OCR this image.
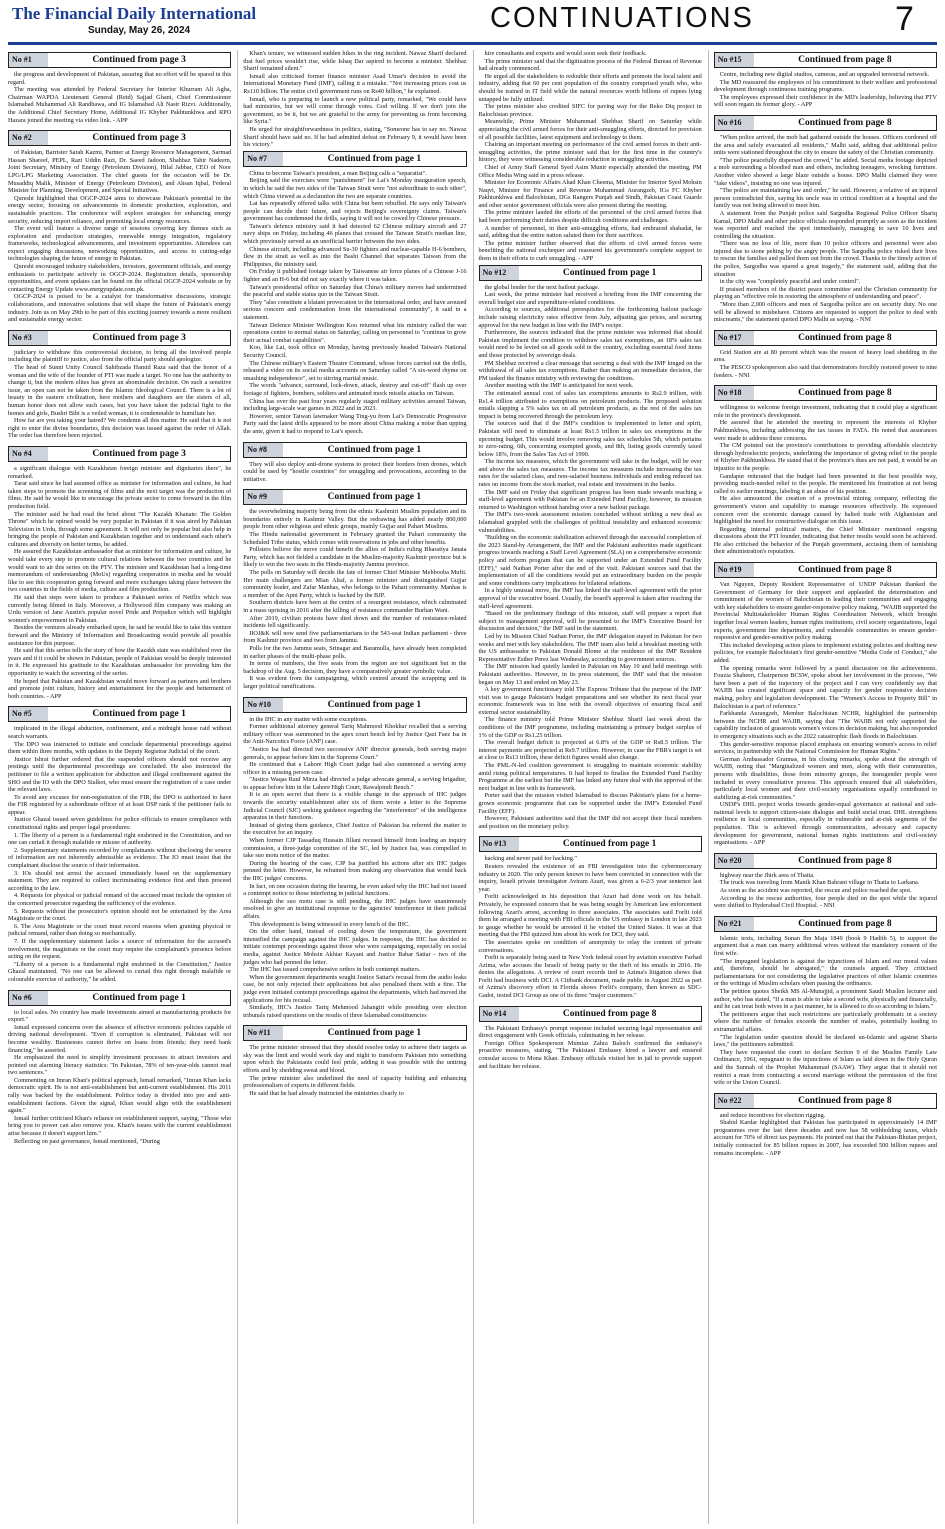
The Financial Daily International
Sunday, May 26, 2024	CONTINUATIONS	7
No #1	Continued from page 3

the progress and development of Pakistan, assuring that no effort will be spared in this regard.

The meeting was attended by Federal Secretary for Interior Khurram Ali Agha, Chairman WAPDA Lieutenant General (Retd) Sajjad Ghani, Chief Commissioner Islamabad Muhammad Ali Randhawa, and IG Islamabad Ali Nasir Rizvi. Additionally, the Additional Chief Secretary Home, Additional IG Khyber Pakhtunkhwa and RPO Hazara joined the meeting via video link. - APP

No #2	Continued from page 3

of Pakistan, Barrister Sarah Kazmi, Partner at Energy Resource Management, Sarmad Hassan Shareef, PEPL, Razi Uddin Razi, Dr. Saeed Jadoon, Shahbaz Tahir Nadeem, Joint Secretary, Ministry of Energy (Petroleum Division), Hilal Jabbar, CEO of Noor LPG/LPG Marketing Association. The chief guests for the occasion will be Dr. Musaddiq Malik, Minister of Energy (Petroleum Division), and Ahsan Iqbal, Federal Minister for Planning, Development, and Special Initiatives.

Qureshi highlighted that OGCP-2024 aims to showcase Pakistan's potential in the energy sector, focusing on advancements in domestic production, exploration, and sustainable practices. The conference will explore strategies for enhancing energy security, reducing import reliance, and promoting local energy resources.

The event will feature a diverse range of sessions covering key themes such as exploration and production strategies, renewable energy integration, regulatory frameworks, technological advancements, and investment opportunities. Attendees can expect engaging discussions, networking opportunities, and access to cutting-edge technologies shaping the future of energy in Pakistan.

Qureshi encouraged industry stakeholders, investors, government officials, and energy enthusiasts to participate actively in OGCP-2024. Registration details, sponsorship opportunities, and event updates can be found on the official OGCP-2024 website or by contacting Energy Update www.energyupdate.com.pk.

OGCP-2024 is poised to be a catalyst for transformative discussions, strategic collaborations, and innovative solutions that will shape the future of Pakistan's energy industry. Join us on May 29th to be part of this exciting journey towards a more resilient and sustainable energy sector.

No #3	Continued from page 3

judiciary to withdraw this controversial decision, to bring all the involved people including the plaintiff to justice, also from the official party should apologize.

The head of Sunni Unity Council Sahibzada Hamid Raza said that the honor of a woman and the wife of the founder of PTI was made a target. No one has the authority to change it, but the modern elites has given an abominable decision. On such a sensitive issue, an open can not be taken from the Islamic Ideological Council. There is a lot of beauty in the eastern civilization, here mothers and daughters are the sisters of all, human honor does not allow such cases, but you have taken the judicial fight to the homes and girls, Bushri Bibi is a veiled woman, it is condemnable to humiliate her.

How far are you taking your hatred? We condemn all this matter. He said that it is not right to enter the divine boundaries, this decision was issued against the order of Allah. The order has therefore been rejected.

No #4	Continued from page 3

a significant dialogue with Kazakhstan foreign minister and dignitaries there", he remarked.

Tarar said since he had assumed office as minister for information and culture, he had taken steps to promote the screening of films and the next target was the production of films. He said he would like to encourage the private sector to come forward in the film production field.

The minister said he had read the brief about "The Kazakh Khanate: The Golden Throne" which he opined would be very popular in Pakistan if it was aired by Pakistan Television in Urdu, through some agreement. It will not only be popular but also help in bringing the people of Pakistan and Kazakhstan together and to understand each other's cultures and diversity on better terms, he added.

He assured the Kazakhstan ambassador that as minister for information and culture, he would take every step to promote cultural relations between the two countries and he would want to air this series on the PTV. The minister and Kazakhstan had a long-time memorandum of understanding (MoUs) regarding cooperation in media and he would like to see this cooperation going forward and more exchanges taking place between the two countries in the fields of media, culture and film production.

He said that steps were taken to produce a Pakistani series of Netflix which was currently being filmed in Italy. Moreover, a Hollywood film company was making an Urdu version of Jane Austin's popular novel Pride and Prejudice which will highlight women's empowerment in Pakistan.

Besides the ventures already embarked upon, he said he would like to take this venture forward and the Ministry of Information and Broadcasting would provide all possible assistance for this purpose.

He said that this series tells the story of how the Kazakh state was established over the years and if it could be shown in Pakistan, people of Pakistan would be deeply interested in it. He expressed his gratitude to the Kazakhstan ambassador for providing him the opportunity to watch the screening of the series.

He hoped that Pakistan and Kazakhstan would move forward as partners and brothers and promote joint culture, history and entertainment for the people and betterment of both countries. - APP

No #5	Continued from page 1

implicated in the illegal abduction, confinement, and a midnight house raid without search warrants.

The DPO was instructed to initiate and conclude departmental proceedings against them within three months, with updates to the Deputy Registrar Judicial of the court.

Justice Ishrat further ordered that the suspended officers should not receive any postings until the departmental proceedings are concluded. He also instructed the petitioner to file a written application for abduction and illegal confinement against the SHO and the IO with the DPO Sialkot, who must ensure the registration of a case under the relevant laws.

To avoid any excuses for non-registration of the FIR, the DPO is authorized to have the FIR registered by a subordinate officer of at least DSP rank if the petitioner fails to appear.

Justice Ghazal issued seven guidelines for police officials to ensure compliance with constitutional rights and proper legal procedures:

1. The liberty of a person is a fundamental right enshrined in the Constitution, and no one can curtail it through malafide or misuse of authority.

2. Supplementary statements recorded by complainants without disclosing the source of information are not inherently admissible as evidence. The IO must insist that the complainant disclose the source of their information.

3. IOs should not arrest the accused immediately based on the supplementary statement. They are required to collect incriminating evidence first and then proceed according to the law.

4. Requests for physical or judicial remand of the accused must include the opinion of the concerned prosecutor regarding the sufficiency of the evidence.

5. Requests without the prosecutor's opinion should not be entertained by the Area Magistrate or the court.

6. The Area Magistrate or the court must record reasons when granting physical or judicial remand, rather than doing so mechanically.

7. If the supplementary statement lacks a source of information for the accused's involvement, the magistrate or the court may require the complainant's presence before acting on the request.

"Liberty of a person is a fundamental right enshrined in the Constitution," Justice Ghazal maintained. "No one can be allowed to curtail this right through malafide or colourable exercise of authority," he added.

No #6	Continued from page 1

to local sales. No country has made investments aimed at manufacturing products for export."

Ismail expressed concerns over the absence of effective economic policies capable of driving national development. "Even if corruption is eliminated, Pakistan will not become wealthy. Businesses cannot thrive on loans from friends; they need bank financing," he asserted.

He emphasized the need to simplify investment processes to attract investors and pointed out alarming literacy statistics: "In Pakistan, 78% of ten-year-olds cannot read two sentences."

Commenting on Imran Khan's political approach, Ismail remarked, "Imran Khan lacks democratic spirit. He is not anti-establishment but anti-current establishment. His 2011 rally was backed by the establishment. Politics today is divided into pro and anti-establishment factions. Given the signal, Khan would align with the establishment again."

Ismail further criticised Khan's reliance on establishment support, saying, "Those who bring you to power can also remove you. Khan's issues with the current establishment arise because it doesn't support him."

Reflecting on past governance, Ismail mentioned, "During

Khan's tenure, we witnessed sudden hikes in the ring incident. Nawaz Sharif declared that fuel prices wouldn't rise, while Ishaq Dar aspired to become a minister. Shehbaz Sharif remained silent."

Ismail also criticised former finance minister Asad Umar's decision to avoid the International Monetary Fund (IMF), calling it a mistake. "Not increasing prices cost us Rs110 billion. The entire civil government runs on Rs40 billion," he explained.

Ismail, who is preparing to launch a new political party, remarked, "We could have had ministries, but we will come through votes. God willing. If we don't join the government, so be it, but we are grateful to the army for preventing us from becoming like Syria."

He urged for straightforwardness in politics, stating, "Someone has to say no. Nawaz Sharif should have said no. If he had admitted defeat on February 9, it would have been his victory."

No #7	Continued from page 1

China to become Taiwan's president, a man Beijing calls a "separatist".

Beijing said the exercises were "punishment" for Lai's Monday inauguration speech, in which he said the two sides of the Taiwan Strait were "not subordinate to each other", which China viewed as a declaration the two are separate countries.

Lai has repeatedly offered talks with China but been rebuffed. He says only Taiwan's people can decide their future, and rejects Beijing's sovereignty claims. Taiwan's government has condemned the drills, saying it will not be cowed by Chinese pressure.

Taiwan's defence ministry said it had detected 62 Chinese military aircraft and 27 navy ships on Friday, including 46 planes that crossed the Taiwan Strait's median line, which previously served as an unofficial barrier between the two sides.

Chinese aircraft, including advanced Su-30 fighters and nuclear-capable H-6 bombers, flew in the strait as well as into the Bashi Channel that separates Taiwan from the Philippines, the ministry said.

On Friday it published footage taken by Taiwanese air force planes of a Chinese J-16 fighter and an H-6 but did not say exactly where it was taken.

Taiwan's presidential office on Saturday that China's military moves had undermined the peaceful and stable status quo in the Taiwan Strait.

They "also constitute a blatant provocation to the international order, and have aroused serious concern and condemnation from the international community", it said in a statement.

Taiwan Defence Minister Wellington Koo returned what his ministry called the war operations centre to normal status on Saturday, calling on personnel to "continue to grow their actual combat capabilities".

Koo, like Lai, took office on Monday, having previously headed Taiwan's National Security Council.

The Chinese military's Eastern Theatre Command, whose forces carried out the drills, released a video on its social media accounts on Saturday called "A six-word rhyme on smashing independence", set to stirring martial music.

The words "advance, surround, lock-down, attack, destroy and cut-off" flash up over footage of fighters, bombers, soldiers and animated mock missile attacks on Taiwan.

China has over the past four years regularly staged military activities around Taiwan, including large-scale war games in 2022 and in 2023.

However, senior Taiwan lawmaker Wang Ting-yu from Lai's Democratic Progressive Party said the latest drills appeared to be more about China making a noise than upping the ante, given it had to respond to Lai's speech.

No #8	Continued from page 1

They will also deploy anti-drone systems to protect their borders from drones, which could be used by "hostile countries" for smuggling and provocations, according to the initiative.

No #9	Continued from page 1

the overwhelming majority being from the ethnic Kashmiri Muslim population and its boundaries entirely in Kashmir Valley. But the redrawing has added nearly 800,000 people from other religious and ethnic groups, mainly Gujjar and Pahari Muslims.

The Hindu nationalist government in February granted the Pahari community the Scheduled Tribe status, which comes with reservations in jobs and other benefits.

Pollsters believe the move could benefit the allies of India's ruling Bharatiya Janata Party, which has not fielded a candidate in the Muslim-majority Kashmir province but is likely to win the two seats in the Hindu-majority Jammu province.

The polls on Saturday will decide the fate of former Chief Minister Mehbooba Mufti. Her main challengers are Mian Altaf, a former minister and distinguished Gujjar community leader, and Zafar Manhas, who belongs to the Pahari community. Manhas is a member of the Apni Party, which is backed by the BJP.

Southern districts have been at the centre of a resurgent resistance, which culminated in a mass uprising in 2016 after the killing of resistance commander Burhan Wani.

After 2019, civilian protests have died down and the number of resistance-related incidents fell significantly.

IIOJ&K will now send five parliamentarians to the 543-seat Indian parliament - three from Kashmir province and two from Jammu.

Polls for the two Jammu seats, Srinagar and Baramulla, have already been completed in earlier phases of the multi-phase polls.

In terms of numbers, the five seats from the region are not significant but in the backdrop of the Aug. 5 decision, they have a comparatively greater symbolic value.

It was evident from the campaigning, which centred around the scrapping and its larger political ramifications.

No #10	Continued from page 1

in the IHC in any matter with some exceptions.

Former additional attorney general Tariq Mahmood Khokhar recalled that a serving military officer was summoned in the apex court bench led by Justice Qazi Faez Isa in the Anti-Narcotics Force (ANF) case.

"Justice Isa had directed two successive ANF director generals, both serving major generals, to appear before him in the Supreme Court."

He continued that a Lahore High Court judge had also summoned a serving army officer in a missing person case.

"Justice Waqas Rauf Mirza had directed a judge advocate general, a serving brigadier, to appear before him in the Lahore High Court, Rawalpindi Bench."

It is an open secret that there is a visible change in the approach of IHC judges towards the security establishment after six of them wrote a letter to the Supreme Judicial Council (SJC) seeking guidance regarding the "interference" of the intelligence apparatus in their functions.

Instead of giving them guidance, Chief Justice of Pakistan Isa referred the matter to the executive for an inquiry.

When former CJP Tassaduq Hussain Jillani recused himself from leading an inquiry commission, a three-judge committee of the SC, led by Justice Isa, was compelled to take suo motu notice of the matter.

During the hearing of the case, CJP Isa justified his actions after six IHC judges penned the letter. However, he refrained from making any observation that would back the IHC judges' concerns.

In fact, on one occasion during the hearing, he even asked why the IHC had not issued a contempt notice to those interfering in judicial functions.

Although the suo motu case is still pending, the IHC judges have unanimously resolved to give an institutional response to the agencies' interference in their judicial affairs.

This development is being witnessed in every bench of the IHC.

On the other hand, instead of cooling down the temperature, the government intensified the campaign against the IHC judges. In response, the IHC has decided to initiate contempt proceedings against those who were campaigning, especially on social media, against Justice Mohsin Akhtar Kayani and Justice Babar Sattar - two of the judges who had penned the letter.

The IHC has issued comprehensive orders in both contempt matters.

When the government departments sought Justice Sattar's recusal from the audio leaks case, he not only rejected their applications but also penalised them with a fine. The judge even initiated contempt proceedings against the departments, which had moved the applications for his recusal.

Similarly, IHC's Justice Tariq Mehmood Jahangiri while presiding over election tribunals raised questions on the results of three Islamabad constituencies

No #11	Continued from page 1

The prime minister stressed that they should resolve today to achieve their targets as sky was the limit and would work day and night to transform Pakistan into something upon which the Pakistanis could feel pride, adding it was possible with the untiring efforts and by shedding sweat and blood.

The prime minister also underlined the need of capacity building and enhancing professionalism of experts in different fields.

He said that he had already instructed the ministries clearly to

hire consultants and experts and would soon seek their feedback.

The prime minister said that the digitization process of the Federal Bureau of Revenue had already commenced.

He urged all the stakeholders to redouble their efforts and promote the local talent and industry, adding that 60 per cent population of the country comprised youth who, who should be trained in IT field while the natural resources worth billions of rupees lying untapped be fully utilized.

The prime minister also credited SIFC for paving way for the Reko Diq project in Balochistan province.

Meanwhile, Prime Minister Muhammad Shehbaz Sharif on Saturday while appreciating the civil armed forces for their anti-smuggling efforts, directed for provision of all possible facilities, latest equipment and technology to them.

Chairing an important meeting on performance of the civil armed forces in their anti-smuggling activities, the prime minister said that for the first time in the country's history, they were witnessing considerable reduction in smuggling activities.

Chief of Army Staff General Syed Asim Munir especially attended the meeting, PM Office Media Wing said in a press release.

Minister for Economic Affairs Ahad Khan Cheema, Minister for Interior Syed Mohsin Naqvi, Minister for Finance and Revenue Muhammad Aurangzeb, IGs FC Khyber Pakhtunkhwa and Balochistan, DGs Rangers Punjab and Sindh, Pakistan Coast Guards and other senior government officials were also present during the meeting.

The prime minister lauded the efforts of the personnel of the civil armed forces that had been performing their duties despite difficult conditions and challenges.

A number of personnel, in their anti-smuggling efforts, had embraced shahadat, he said, adding that the entire nation saluted them for their sacrifices.

The prime minister further observed that the efforts of civil armed forces were benefiting the national exchequer and reassured his government's complete support to them in their efforts to curb smuggling. - APP

No #12	Continued from page 1

the global lender for the next bailout package.

Last week, the prime minister had received a briefing from the IMF concerning the overall budget size and expenditure-related conditions.

According to sources, additional prerequisites for the forthcoming bailout package include raising electricity rates effective from July, adjusting gas prices, and securing approval for the new budget in line with the IMF's recipe.

Furthermore, the sources indicated that the prime minister was informed that should Pakistan implement the condition to withdraw sales tax exemptions, an 18% sales tax would need to be levied on all goods sold in the country, excluding essential food items and those protected by sovereign deals.

PM Shehbaz received a clear message that securing a deal with the IMF hinged on the withdrawal of all sales tax exemptions. Rather than making an immediate decision, the PM tasked the finance ministry with reviewing the conditions.

Another meeting with the IMF is anticipated for next week.

The estimated annual cost of sales tax exemptions amounts to Rs2.9 trillion, with Rs1.4 trillion attributed to exemptions on petroleum products. The proposed solution entails slapping a 5% sales tax on all petroleum products, as the rest of the sales tax impact is being recovered through the petroleum levy.

The sources said that if the IMF's condition is implemented in letter and spirit, Pakistan will need to eliminate at least Rs1.5 trillion in sales tax exemptions in the upcoming budget. This would involve removing sales tax schedules 5th, which pertains to zero-rating, 6th, concerning exempted goods, and 8th, listing goods currently taxed below 18%, from the Sales Tax Act of 1990.

The income tax measures, which the government will take in the budget, will be over and above the sales tax measures. The income tax measures include increasing the tax rates for the salaried class, and non-salaried business individuals and ending reduced tax rates on income from the stock market, real estate and investment in the banks.

The IMF said on Friday that significant progress has been made towards reaching a staff-level agreement with Pakistan for an Extended Fund Facility, however, its mission returned to Washington without handing over a new bailout package.

The IMF's two-week assessment mission concluded without striking a new deal as Islamabad grappled with the challenges of political instability and enhanced economic vulnerabilities.

"Building on the economic stabilization achieved through the successful completion of the 2023 Stand-by Arrangement, the IMF and the Pakistani authorities made significant progress towards reaching a Staff Level Agreement (SLA) on a comprehensive economic policy and reform program that can be supported under an Extended Fund Facility (EFF)," said Nathan Porter after the end of the visit. Pakistani sources said that the implementation of all the conditions would put an extraordinary burden on the people and some conditions carry implications for bilateral relations.

In a highly unusual move, the IMF has linked the staff-level agreement with the prior approval of the executive board. Usually, the board's approval is taken after reaching the staff-level agreement.

"Based on the preliminary findings of this mission, staff will prepare a report that subject to management approval, will be presented to the IMF's Executive Board for discussion and decision," the IMF said in the statement.

Led by its Mission Chief Nathan Porter, the IMF delegation stayed in Pakistan for two weeks and met with key stakeholders. The IMF team also held a breakfast meeting with the US ambassador to Pakistan Donald Blome at the residence of the IMF Resident Representative Esther Perez last Wednesday, according to government sources.

The IMF mission had quietly landed in Pakistan on May 10 and held meetings with Pakistani authorities. However, in its press statement, the IMF said that the mission began on May 13 and ended on May 23.

A key government functionary told The Express Tribune that the purpose of the IMF visit was to gauge Pakistan's budget preparations and see whether its next fiscal year economic framework was in line with the overall objectives of ensuring fiscal and external sector sustainability.

The finance ministry told Prime Minister Shehbaz Sharif last week about the conditions of the IMF programme, including maintaining a primary budget surplus of 1% of the GDP or Rs1.25 trillion.

The overall budget deficit is projected at 6.8% of the GDP or Rs8.5 trillion. The interest payments are projected at Rs9.7 trillion. However, in case the FBR's target is set at close to Rs13 trillion, these deficit figures would also change.

The PML-N-led coalition government is struggling to maintain economic stability amid rising political temperatures. It had hoped to finalise the Extended Fund Facility Programme at the earliest but the IMF has linked any future deal with the approval of the next budget in line with its framework.

Porter said that the mission visited Islamabad to discuss Pakistan's plans for a home-grown economic programme that can be supported under the IMF's Extended Fund Facility (EFF).

However, Pakistani authorities said that the IMF did not accept their fiscal numbers and position on the monetary policy.

No #13	Continued from page 1

hacking and never paid for hacking."

Reuters revealed the existence of an FBI investigation into the cybermercenary industry in 2020. The only person known to have been convicted in connection with the inquiry, Israeli private investigator Aviram Azari, was given a 6-2/3 year sentence last year.

Forlit acknowledged in his deposition that Azari had done work on his behalf. Privately, he expressed concern that he was being sought by American law enforcement following Azari's arrest, according to three associates. The associates said Forlit told them he arranged a meeting with FBI officials in the US embassy in London in late 2023 to gauge whether he would be arrested if he visited the United States. It was at that meeting that the FBI quizzed him about his work for DCI, they said.

The associates spoke on condition of anonymity to relay the content of private conversations.

Forlit is separately being sued in New York federal court by aviation executive Farhad Azima, who accuses the Israeli of being party to the theft of his emails in 2016. He denies the allegations. A review of court records tied to Azima's litigation shows that Forlit had business with DCI. A Citibank document, made public in August 2022 as part of Azima's discovery effort in Florida shows Forlit's company, then known as SDC-Gadot, tested DCI Group as one of its three "major customers."

No #14	Continued from page 8

The Pakistani Embassy's prompt response included securing legal representation and direct engagement with Greek officials, culminating in her release.

Foreign Office Spokesperson Mumtaz Zahra Baloch confirmed the embassy's proactive measures, stating, "The Pakistani Embassy hired a lawyer and ensured consular access to Mona Khan. Embassy officials visited her in jail to provide support and facilitate her release.

No #15	Continued from page 8

Centre, including new digital studios, cameras, and an upgraded terrestrial network.

The MD reassured the employees of his commitment to their welfare and professional development through continuous training programs.

The employees expressed their confidence in the MD's leadership, believing that PTV will soon regain its former glory. - APP

No #16	Continued from page 8

"When police arrived, the mob had gathered outside the houses. Officers cordoned off the area and safely evacuated all residents," Malhi said, adding that additional police units were stationed throughout the city to ensure the safety of the Christian community.

"The police peacefully dispersed the crowd," he added. Social media footage depicted a mob surrounding a bloodied man and others, including teenagers, wrecking furniture. Another video showed a large blaze outside a house. DPO Malhi claimed they were "fake videos", insisting no one was injured.

"The police are maintaining law and order," he said. However, a relative of an injured person contradicted this, saying his uncle was in critical condition at a hospital and the family was not being allowed to meet him.

A statement from the Punjab police said Sargodha Regional Police Officer Shariq Kamal, DPO Malhi and other police officials responded promptly as soon as the incident was reported and reached the spot immediately, managing to save 10 lives and controlling the situation.

"There was no loss of life, more than 10 police officers and personnel were also injured due to stone pelting by the angry people. The Sargodha police risked their lives to rescue the families and pulled them out from the crowd. Thanks to the timely action of the police, Sargodha was spared a great tragedy," the statement said, adding that the situation

in the city was "completely peaceful and under control".

If praised members of the district peace committee and the Christian community for playing an "effective role in restoring the atmosphere of understanding and peace".

"More than 2,000 officers and men of Sargodha police are on security duty. No one will be allowed to misbehave. Citizens are requested to support the police to deal with miscreants," the statement quoted DPO Malhi as saying. - NNI

No #17	Continued from page 8

Grid Station are at 80 percent which was the reason of heavy load shedding in the area.

The PESCO spokesperson also said that demonstrators forcibly restored power to nine feeders. - NNI

No #18	Continued from page 8

willingness to welcome foreign investment, indicating that it could play a significant role in the province's development.

He assured that he attended the meeting to represent the interests of Khyber Pakhtunkhwa, including addressing the tax issues in FATA. He noted that assurances were made to address these concerns.

The CM pointed out the province's contributions to providing affordable electricity through hydroelectric projects, underlining the importance of giving relief to the people of Khyber Pakhtunkhwa. He stated that if the province's dues are not paid, it would be an injustice to the people.

Gandapur reiterated that the budget had been presented in the best possible way, providing much-needed relief to the people. He mentioned his frustration at not being called to earlier meetings, labeling it an abuse of his position.

He also announced the creation of a provincial mining company, reflecting the government's vision and capability to manage resources effectively. He expressed concern over the economic damage caused by halted trade with Afghanistan and highlighted the need for constructive dialogue on this issue.

Regarding internal political matters, the Chief Minister mentioned ongoing discussions about the PTI founder, indicating that better results would soon be achieved. He also criticised the behavior of the Punjab government, accusing them of tarnishing their administration's reputation.

No #19	Continued from page 8

Van Nguyen, Deputy Resident Representative of UNDP Pakistan thanked the Government of Germany for their support and applauded the determination and commitment of the women of Balochistan in leading their communities and engaging with key stakeholders to ensure gender-responsive policy making. "WAJIB supported the Provincial Multistakeholder Human Rights Coordination Network, which brought together local women leaders, human rights institutions, civil society organizations, legal experts, government line departments, and vulnerable communities to ensure gender-responsive and gender-sensitive policy making.

This included developing action plans to implement existing policies and drafting new policies, for example Balochistan's first gender-sensitive "Media Code of Conduct," she added.

The opening remarks were followed by a panel discussion on the achievements. Fouzia Shaheen, Chairperson BCSW, spoke about her involvement in the process, "We have been a part of the trajectory of the project and I can very confidently say that WAJIB has created significant space and capacity for gender responsive decision making, policy and legislation development. The "Women's Access to Property Bill" in Balochistan is a part of reference."

Farkhanda Aurangzeb, Member Balochistan NCHR, highlighted the partnership between the NCHR and WAJIB, saying that "The WAJIB not only supported the capability inclusion of grassroots women's voices in decision making, but also responded to emergency situations such as the 2022 catastrophic flash floods in Balochistan.

This gender-sensitive response placed emphasis on ensuring women's access to relief services, in partnership with the National Commission for Human Rights."

German Ambassador Grannas, in his closing remarks, spoke about the strength of WAJIB, noting that "Marginalized women and men, along with their communities, persons with disabilities, those from minority groups, the transgender people were included in every consultative process. This approach ensured that all stakeholders, particularly local women and their civil-society organisations equally contributed to stabilizing at-risk communities."

UNDP's DHL project works towards gender-equal governance at national and sub-national levels to support citizen-state dialogue and build social trust. DHL strengthens resilience in local communities, especially in vulnerable and at-risk segments of the population. This is achieved through communication, advocacy and capacity development for government, national human rights institutions and civil-society organisations. - APP

No #20	Continued from page 8

highway near the Jhirk area of Thatta.

The truck was traveling from Manik Khan Bahrani village in Thatta to Larkana.

As soon as the accident was reported, the rescue and police reached the spot.

According to the rescue authorities, four people died on the spot while the injured were shifted to Hyderabad Civil Hospital. - NNI

No #21	Continued from page 8

Islamic texts, including Sunan Ibn Maja 1849 (book 9 Hadith 5), to support the argument that a man can marry additional wives without the mandatory consent of the first wife.

"The impugned legislation is against the injunctions of Islam and our moral values and, therefore, should be abrogated," the counsels argued. They criticised parliamentarians for not considering the legislative practices of other Islamic countries or the writings of Muslim scholars when passing the ordinance.

The petition quotes Sheikh MS Al-Munajjid, a prominent Saudi Muslim lecturer and author, who has stated, "If a man is able to take a second wife, physically and financially, and he can treat both wives in a just manner, he is allowed to do so according to Islam."

The petitioners argue that such restrictions are particularly problematic in a society where the number of females exceeds the number of males, potentially leading to extramarital affairs.

"The legislation under question should be declared un-Islamic and against Sharia laws," the petitioners submitted.

They have requested the court to declare Section 9 of the Muslim Family Law Ordinance, 1961, repugnant to the injunctions of Islam as laid down in the Holy Quran and the Sunnah of the Prophet Muhammad (SAAW). They argue that it should not restrict a man from contracting a second marriage without the permission of the first wife or the Union Council.

No #22	Continued from page 8

and reduce incentives for election rigging.

Shahid Kardar highlighted that Pakistan has participated in approximately 14 IMF programmes over the last three decades and now has 58 withholding taxes, which account for 70% of direct tax payments. He pointed out that the Pakistan-Bhutan project, initially contracted for 85 billion rupees in 2007, has exceeded 500 billion rupees and remains incomplete. - APP
